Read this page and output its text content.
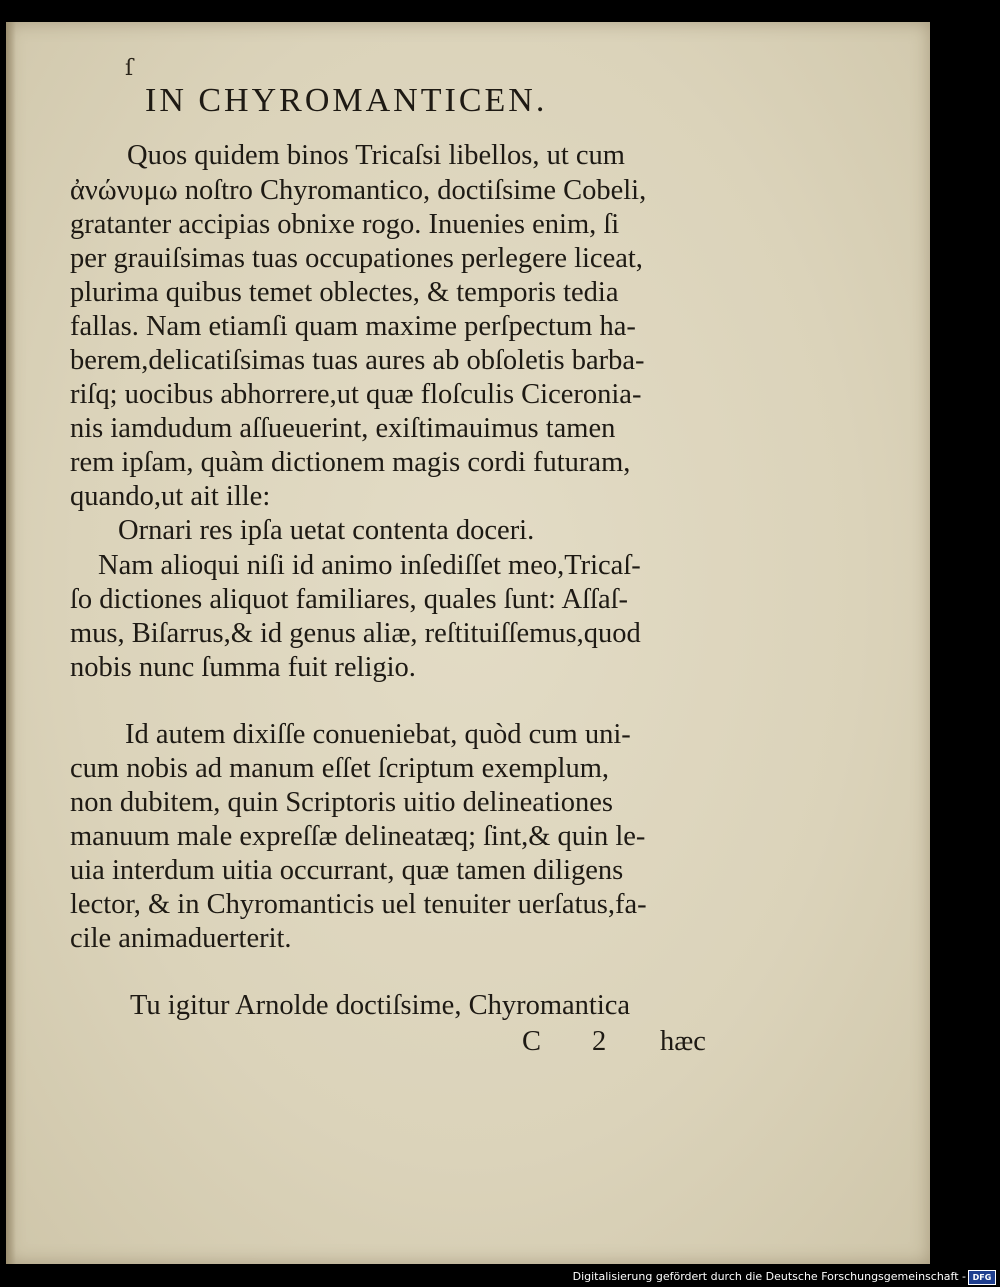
ſ
IN CHYROMANTICEN.
Quos quidem binos Tricaſsi libellos, ut cum
ἀνώνυμω noſtro Chyromantico, doctiſsime Cobeli,
gratanter accipias obnixe rogo. Inuenies enim, ſi
per grauiſsimas tuas occupationes perlegere liceat,
plurima quibus temet oblectes, & temporis tedia
fallas. Nam etiamſi quam maxime perſpectum ha-
berem,delicatiſsimas tuas aures ab obſoletis barba-
riſq; uocibus abhorrere,ut quæ floſculis Ciceronia-
nis iamdudum aſſueuerint, exiſtimauimus tamen
rem ipſam, quàm dictionem magis cordi futuram,
quando,ut ait ille:
Ornari res ipſa uetat contenta doceri.
Nam alioqui niſi id animo inſediſſet meo,Tricaſ-
ſo dictiones aliquot familiares, quales ſunt: Aſſaſ-
mus, Biſarrus,& id genus aliæ, reſtituiſſemus,quod
nobis nunc ſumma fuit religio.
Id autem dixiſſe conueniebat, quòd cum uni-
cum nobis ad manum eſſet ſcriptum exemplum,
non dubitem, quin Scriptoris uitio delineationes
manuum male expreſſæ delineatæq; ſint,& quin le-
uia interdum uitia occurrant, quæ tamen diligens
lector, & in Chyromanticis uel tenuiter uerſatus,fa-
cile animaduerterit.
Tu igitur Arnolde doctiſsime, Chyromantica
C 2 hæc
Digitalisierung gefördert durch die Deutsche Forschungsgemeinschaft - DFG
